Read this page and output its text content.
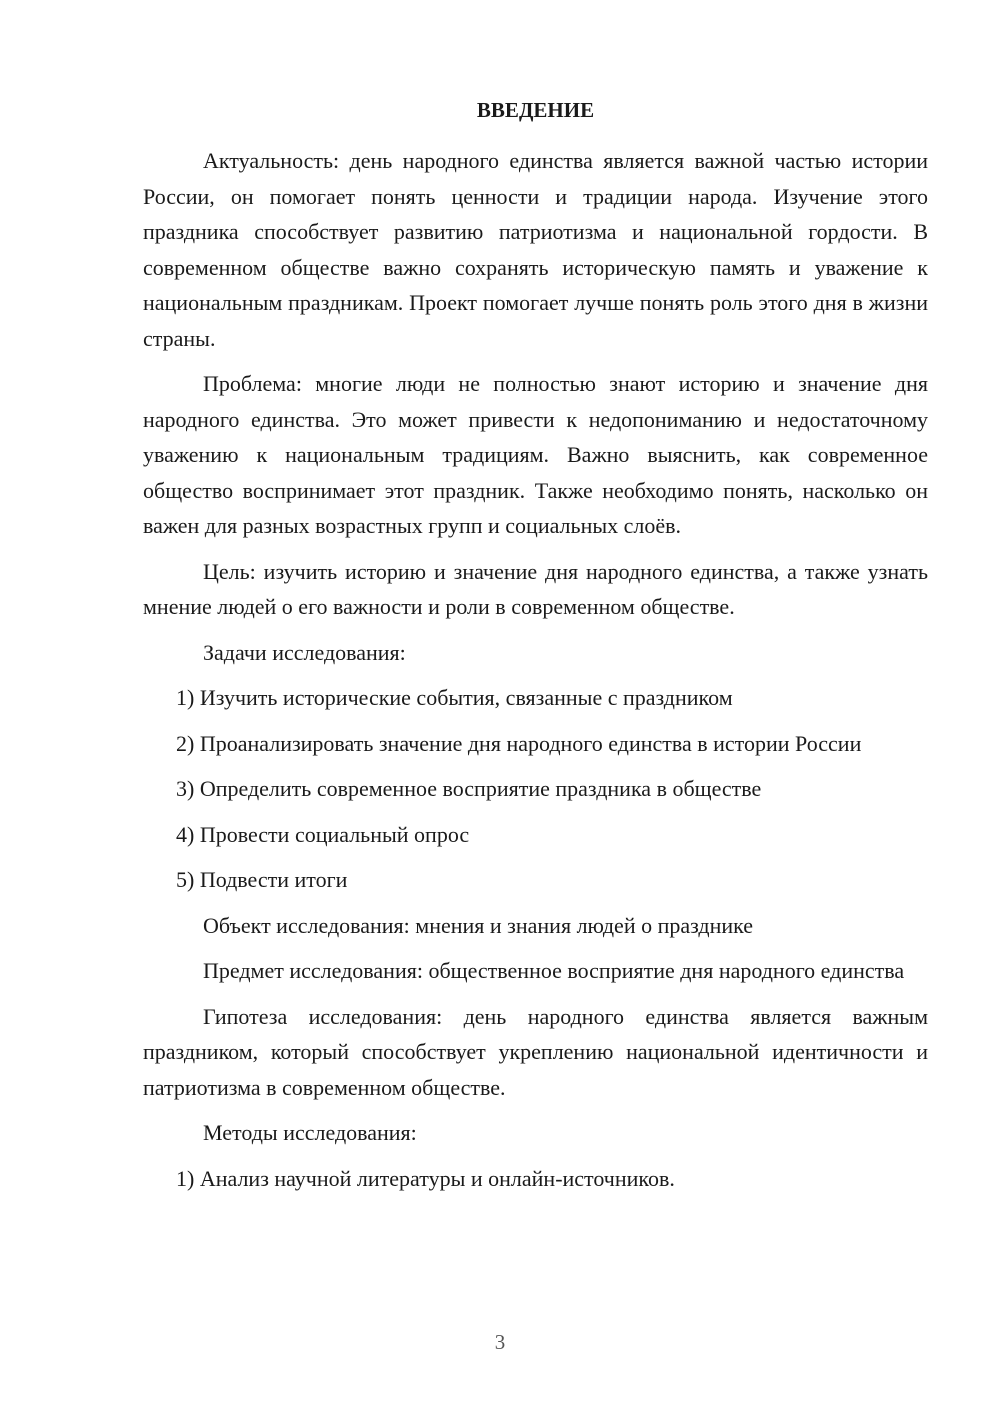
ВВЕДЕНИЕ

Актуальность: день народного единства является важной частью истории России, он помогает понять ценности и традиции народа. Изучение этого праздника способствует развитию патриотизма и национальной гордости. В современном обществе важно сохранять историческую память и уважение к национальным праздникам. Проект помогает лучше понять роль этого дня в жизни страны.

Проблема: многие люди не полностью знают историю и значение дня народного единства. Это может привести к недопониманию и недостаточному уважению к национальным традициям. Важно выяснить, как современное общество воспринимает этот праздник. Также необходимо понять, насколько он важен для разных возрастных групп и социальных слоёв.

Цель: изучить историю и значение дня народного единства, а также узнать мнение людей о его важности и роли в современном обществе.

Задачи исследования:

1) Изучить исторические события, связанные с праздником

2) Проанализировать значение дня народного единства в истории России

3) Определить современное восприятие праздника в обществе

4) Провести социальный опрос

5) Подвести итоги

Объект исследования: мнения и знания людей о празднике

Предмет исследования: общественное восприятие дня народного единства

Гипотеза исследования: день народного единства является важным праздником, который способствует укреплению национальной идентичности и патриотизма в современном обществе.

Методы исследования:

1) Анализ научной литературы и онлайн-источников.

3
